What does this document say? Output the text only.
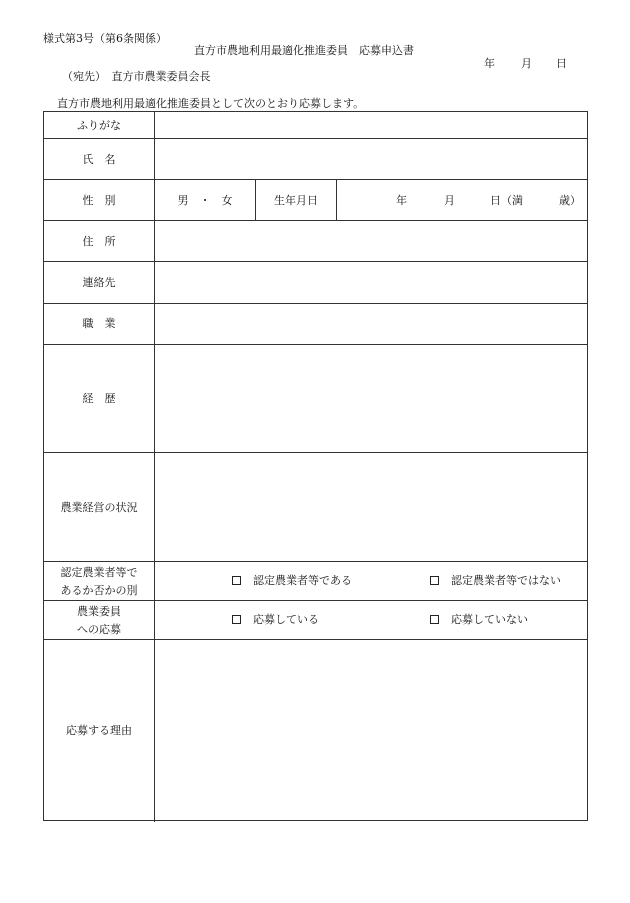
様式第3号（第6条関係）
直方市農地利用最適化推進委員　応募申込書
年 月 日
（宛先）　直方市農業委員会長
直方市農地利用最適化推進委員として次のとおり応募します。
ふりがな
氏　名
性　別	男　・　女	生年月日	年	月	日（満	歳）
住　所
連絡先
職　業
経　歴
農業経営の状況
認定農業者等で
あるか否かの別
認定農業者等である	認定農業者等ではない
農業委員
への応募
応募している	応募していない
応募する理由
